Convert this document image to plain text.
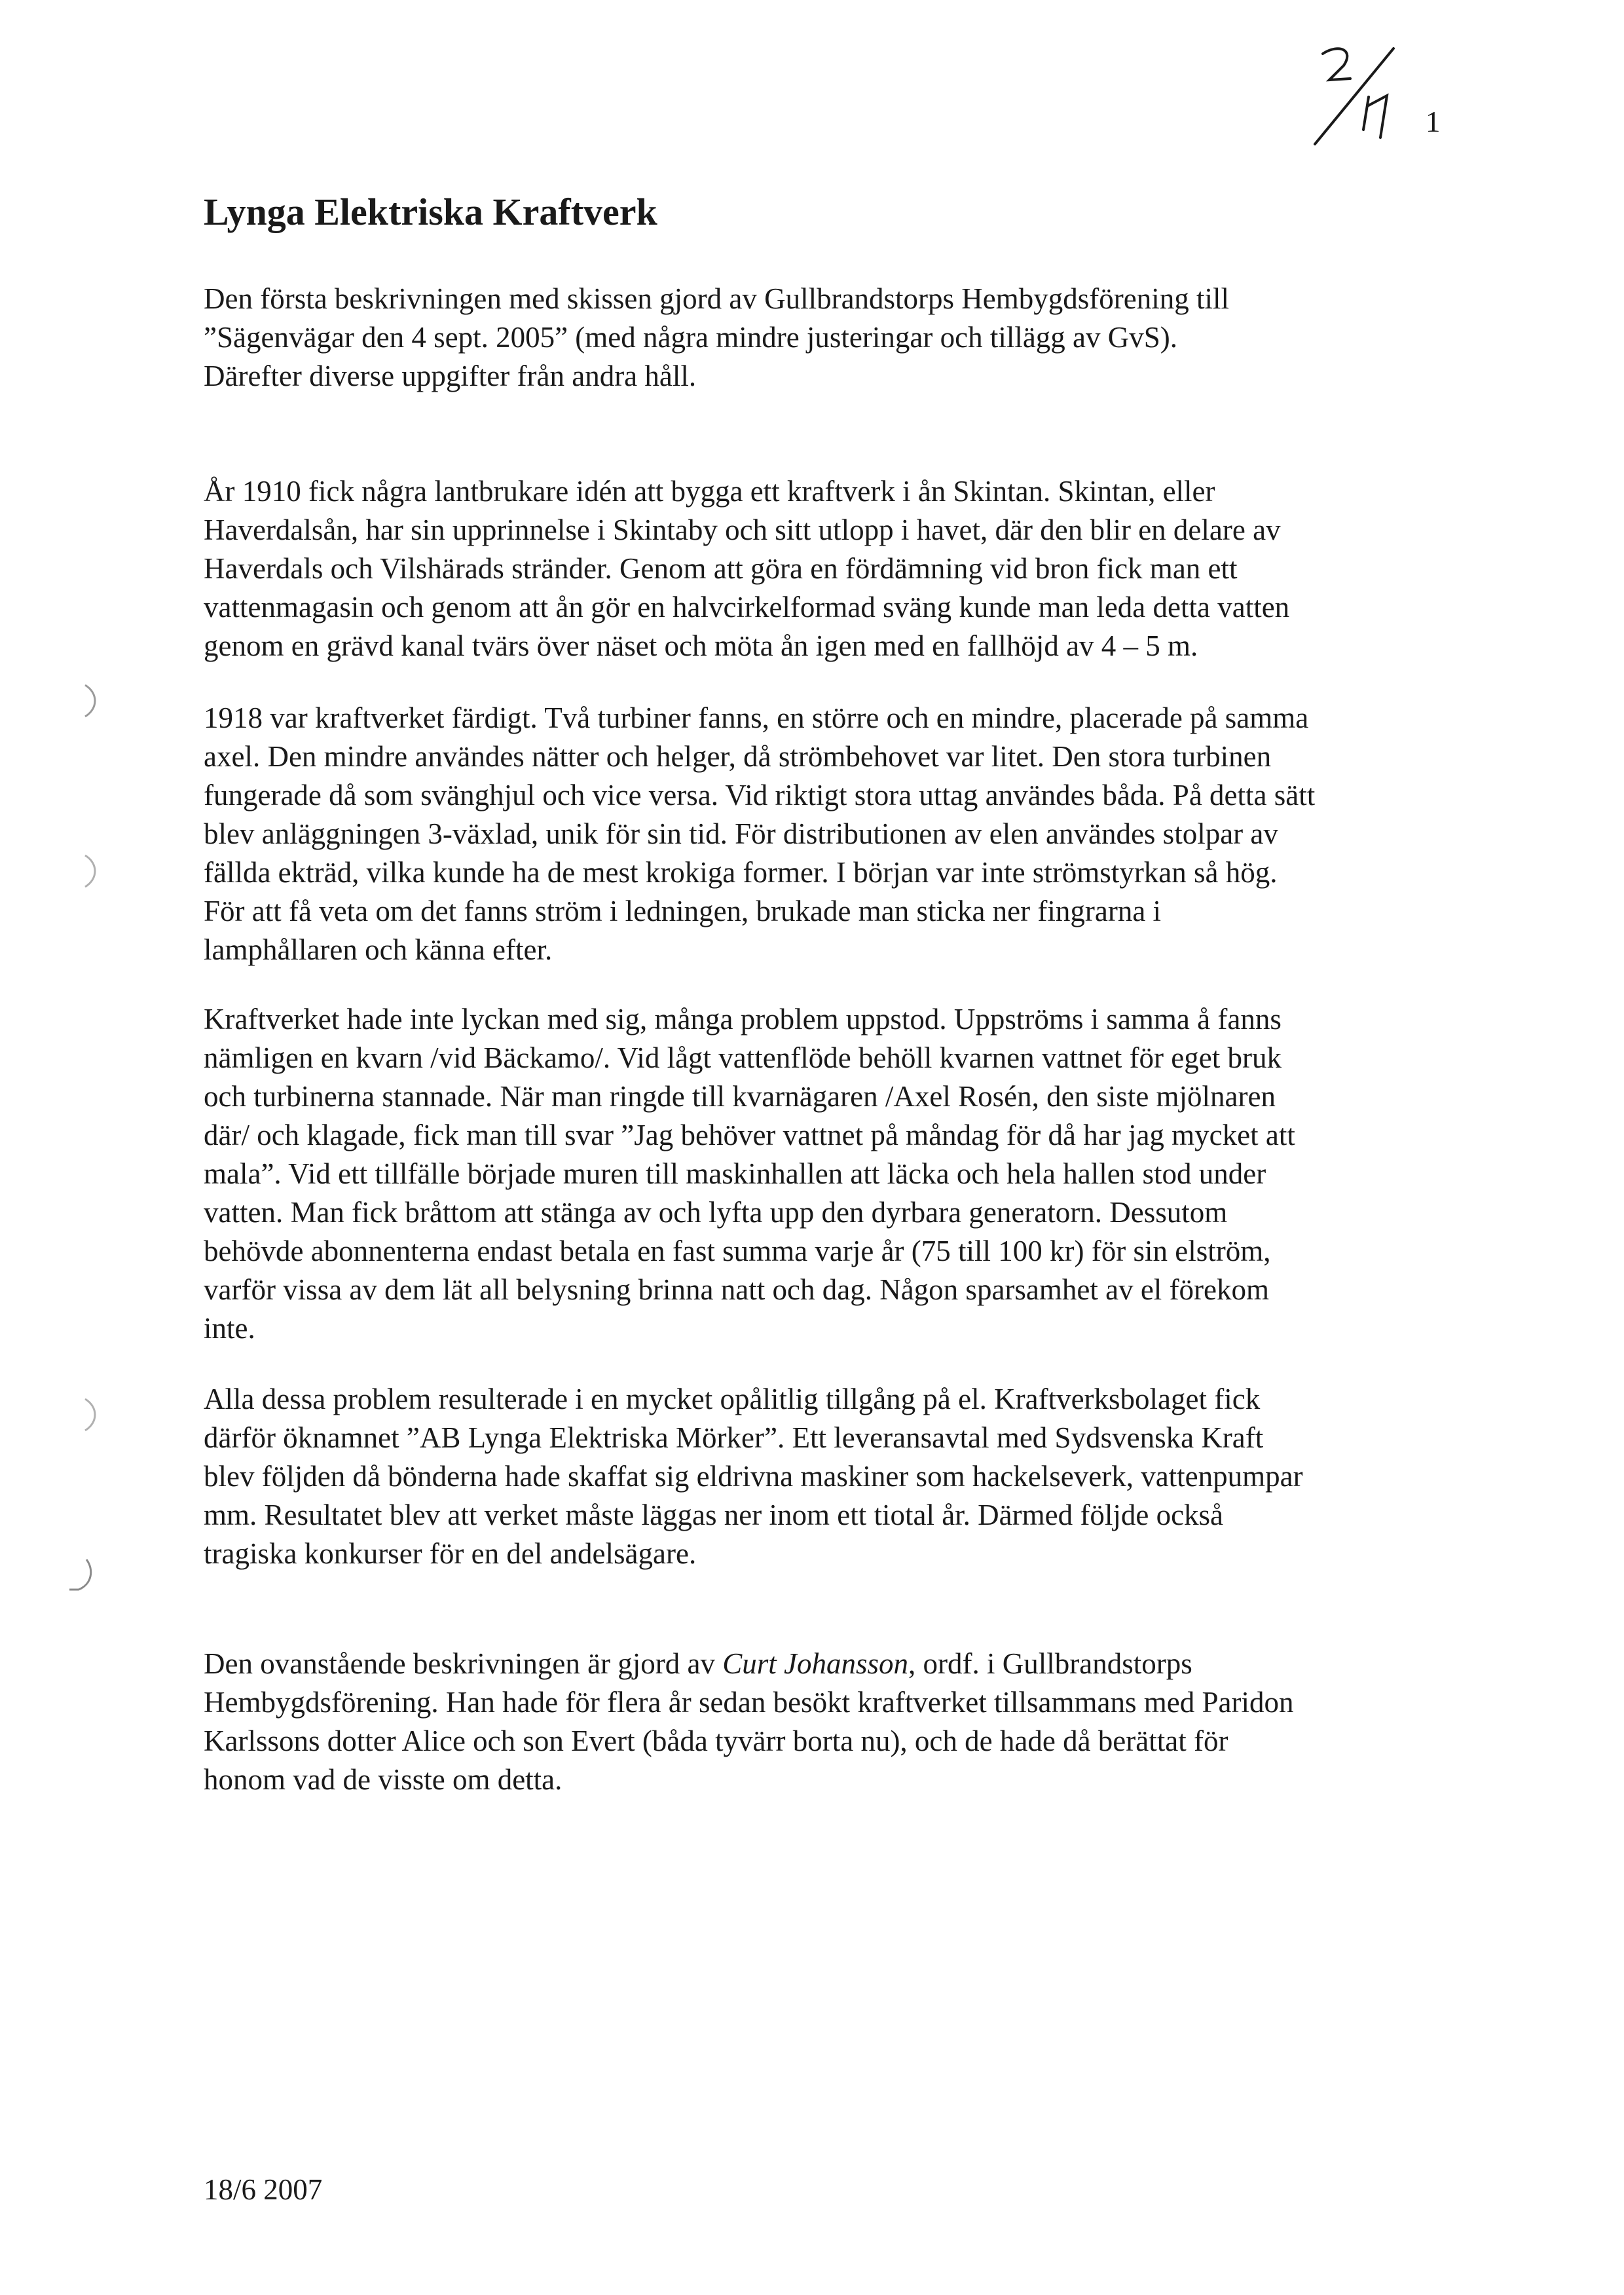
1
Lynga Elektriska Kraftverk
Den första beskrivningen med skissen gjord av Gullbrandstorps Hembygdsförening till
”Sägenvägar den 4 sept. 2005” (med några mindre justeringar och tillägg av GvS).
Därefter diverse uppgifter från andra håll.
År 1910 fick några lantbrukare idén att bygga ett kraftverk i ån Skintan. Skintan, eller
Haverdalsån, har sin upprinnelse i Skintaby och sitt utlopp i havet, där den blir en delare av
Haverdals och Vilshärads stränder. Genom att göra en fördämning vid bron fick man ett
vattenmagasin och genom att ån gör en halvcirkelformad sväng kunde man leda detta vatten
genom en grävd kanal tvärs över näset och möta ån igen med en fallhöjd av 4 – 5 m.
1918 var kraftverket färdigt. Två turbiner fanns, en större och en mindre, placerade på samma
axel. Den mindre användes nätter och helger, då strömbehovet var litet. Den stora turbinen
fungerade då som svänghjul och vice versa. Vid riktigt stora uttag användes båda. På detta sätt
blev anläggningen 3-växlad, unik för sin tid. För distributionen av elen användes stolpar av
fällda ekträd, vilka kunde ha de mest krokiga former. I början var inte strömstyrkan så hög.
För att få veta om det fanns ström i ledningen, brukade man sticka ner fingrarna i
lamphållaren och känna efter.
Kraftverket hade inte lyckan med sig, många problem uppstod. Uppströms i samma å fanns
nämligen en kvarn /vid Bäckamo/. Vid lågt vattenflöde behöll kvarnen vattnet för eget bruk
och turbinerna stannade. När man ringde till kvarnägaren /Axel Rosén, den siste mjölnaren
där/ och klagade, fick man till svar ”Jag behöver vattnet på måndag för då har jag mycket att
mala”. Vid ett tillfälle började muren till maskinhallen att läcka och hela hallen stod under
vatten. Man fick bråttom att stänga av och lyfta upp den dyrbara generatorn. Dessutom
behövde abonnenterna endast betala en fast summa varje år (75 till 100 kr) för sin elström,
varför vissa av dem lät all belysning brinna natt och dag. Någon sparsamhet av el förekom
inte.
Alla dessa problem resulterade i en mycket opålitlig tillgång på el. Kraftverksbolaget fick
därför öknamnet ”AB Lynga Elektriska Mörker”. Ett leveransavtal med Sydsvenska Kraft
blev följden då bönderna hade skaffat sig eldrivna maskiner som hackelseverk, vattenpumpar
mm. Resultatet blev att verket måste läggas ner inom ett tiotal år. Därmed följde också
tragiska konkurser för en del andelsägare.
Den ovanstående beskrivningen är gjord av Curt Johansson, ordf. i Gullbrandstorps
Hembygdsförening. Han hade för flera år sedan besökt kraftverket tillsammans med Paridon
Karlssons dotter Alice och son Evert (båda tyvärr borta nu), och de hade då berättat för
honom vad de visste om detta.
18/6 2007
